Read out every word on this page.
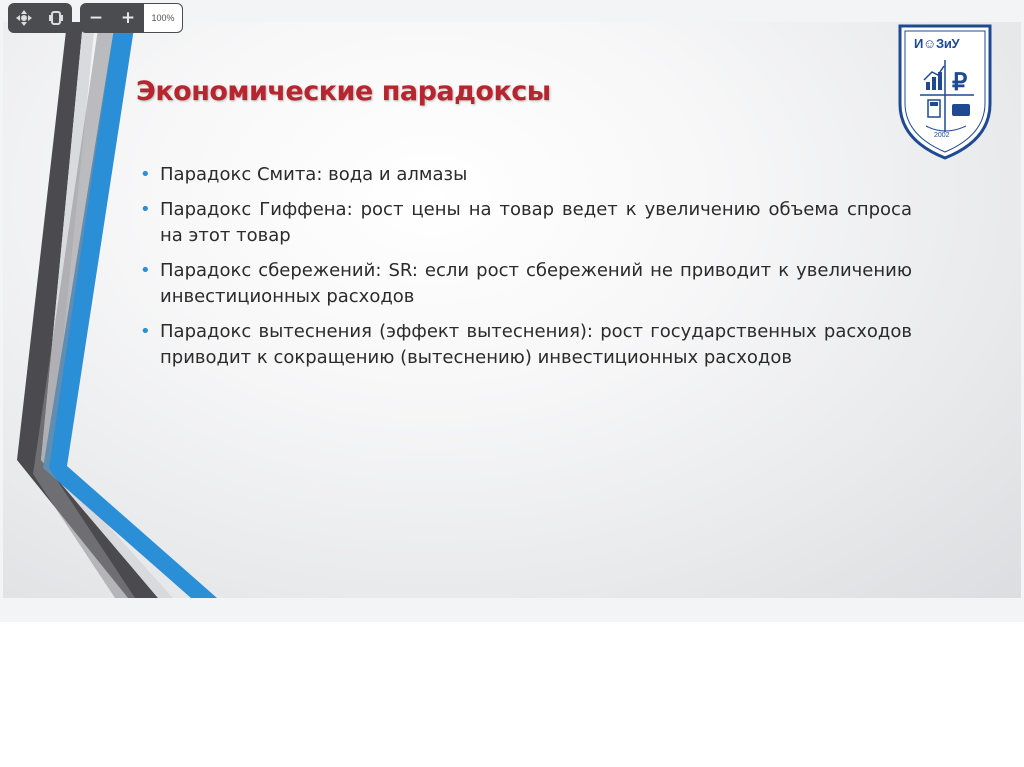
Экономические парадоксы
• Парадокс Смита: вода и алмазы
• Парадокс Гиффена: рост цены на товар ведет к увеличению объема спроса на этот товар
• Парадокс сбережений: SR: если рост сбережений не приводит к увеличению инвестиционных расходов
• Парадокс вытеснения (эффект вытеснения): рост государственных расходов приводит к сокращению (вытеснению) инвестиционных расходов
₽
И☺ЗиУ
2002
−	+	100%
